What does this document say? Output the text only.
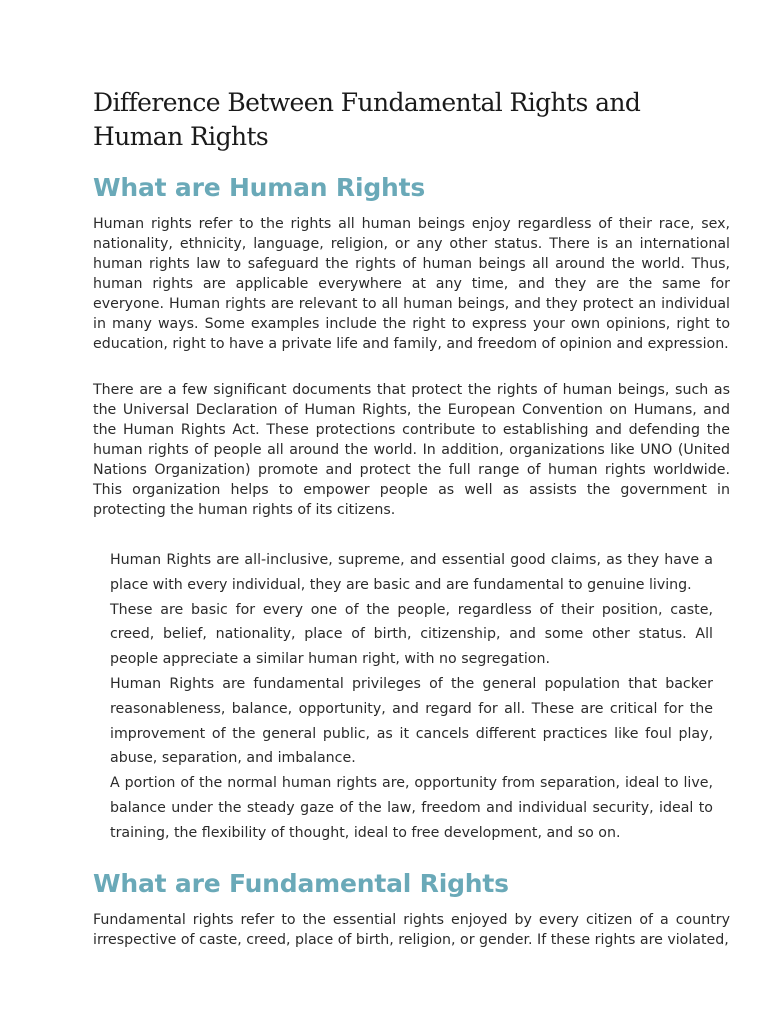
Difference Between Fundamental Rights and Human Rights
What are Human Rights

Human rights refer to the rights all human beings enjoy regardless of their race, sex, nationality, ethnicity, language, religion, or any other status. There is an international human rights law to safeguard the rights of human beings all around the world. Thus, human rights are applicable everywhere at any time, and they are the same for everyone. Human rights are relevant to all human beings, and they protect an individual in many ways. Some examples include the right to express your own opinions, right to education, right to have a private life and family, and freedom of opinion and expression.

There are a few significant documents that protect the rights of human beings, such as the Universal Declaration of Human Rights, the European Convention on Humans, and the Human Rights Act. These protections contribute to establishing and defending the human rights of people all around the world. In addition, organizations like UNO (United Nations Organization) promote and protect the full range of human rights worldwide. This organization helps to empower people as well as assists the government in protecting the human rights of its citizens.

Human Rights are all-inclusive, supreme, and essential good claims, as they have a place with every individual, they are basic and are fundamental to genuine living.
These are basic for every one of the people, regardless of their position, caste, creed, belief, nationality, place of birth, citizenship, and some other status. All people appreciate a similar human right, with no segregation.
Human Rights are fundamental privileges of the general population that backer reasonableness, balance, opportunity, and regard for all. These are critical for the improvement of the general public, as it cancels different practices like foul play, abuse, separation, and imbalance.
A portion of the normal human rights are, opportunity from separation, ideal to live, balance under the steady gaze of the law, freedom and individual security, ideal to training, the flexibility of thought, ideal to free development, and so on.
What are Fundamental Rights

Fundamental rights refer to the essential rights enjoyed by every citizen of a country irrespective of caste, creed, place of birth, religion, or gender. If these rights are violated,
